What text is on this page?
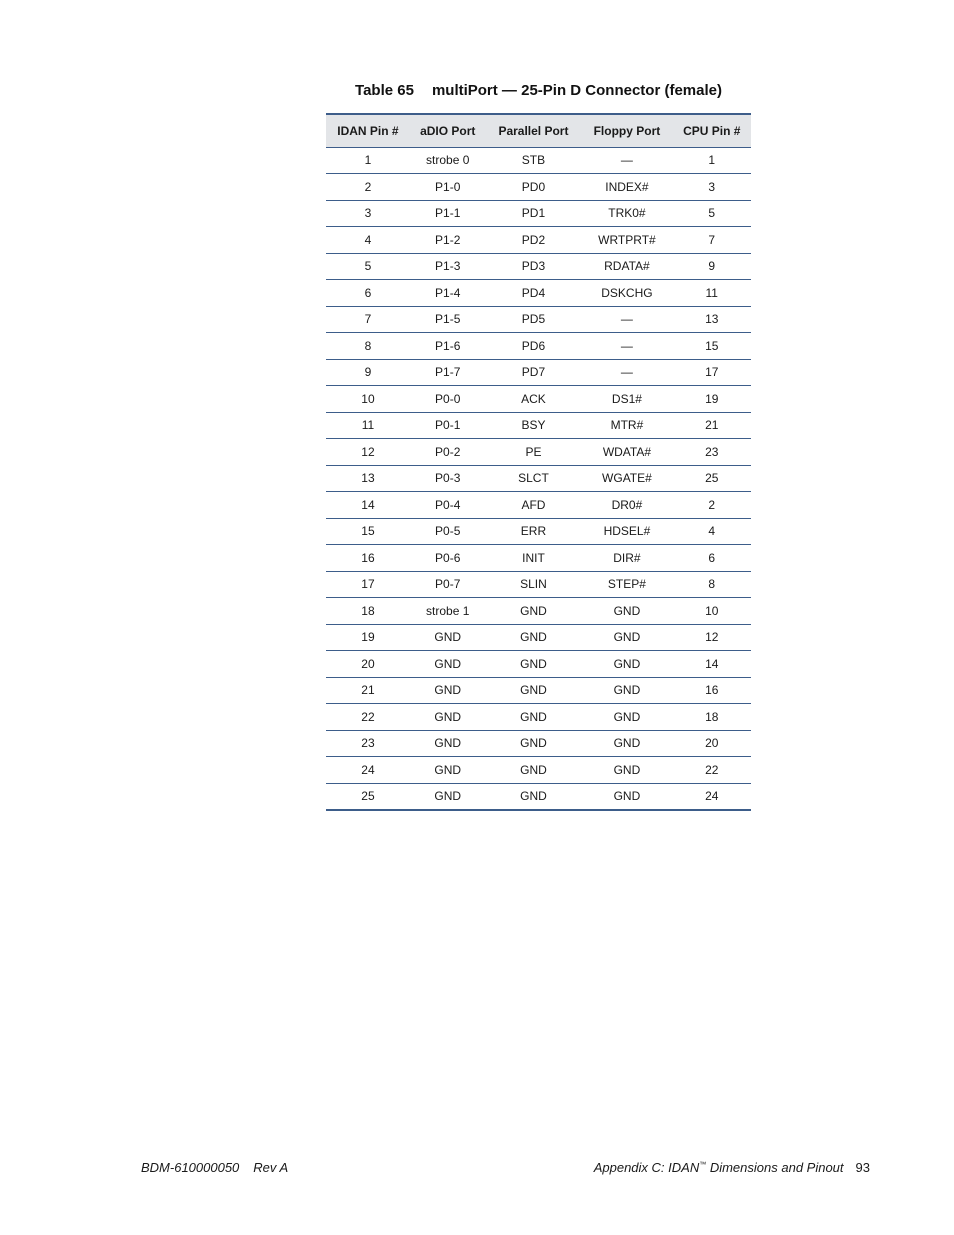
Table 65 multiPort — 25-Pin D Connector (female)
IDAN Pin #	aDIO Port	Parallel Port	Floppy Port	CPU Pin #
1	strobe 0	STB	—	1
2	P1-0	PD0	INDEX#	3
3	P1-1	PD1	TRK0#	5
4	P1-2	PD2	WRTPRT#	7
5	P1-3	PD3	RDATA#	9
6	P1-4	PD4	DSKCHG	11
7	P1-5	PD5	—	13
8	P1-6	PD6	—	15
9	P1-7	PD7	—	17
10	P0-0	ACK	DS1#	19
11	P0-1	BSY	MTR#	21
12	P0-2	PE	WDATA#	23
13	P0-3	SLCT	WGATE#	25
14	P0-4	AFD	DR0#	2
15	P0-5	ERR	HDSEL#	4
16	P0-6	INIT	DIR#	6
17	P0-7	SLIN	STEP#	8
18	strobe 1	GND	GND	10
19	GND	GND	GND	12
20	GND	GND	GND	14
21	GND	GND	GND	16
22	GND	GND	GND	18
23	GND	GND	GND	20
24	GND	GND	GND	22
25	GND	GND	GND	24
BDM-610000050 Rev A	Appendix C: IDAN™ Dimensions and Pinout 93
